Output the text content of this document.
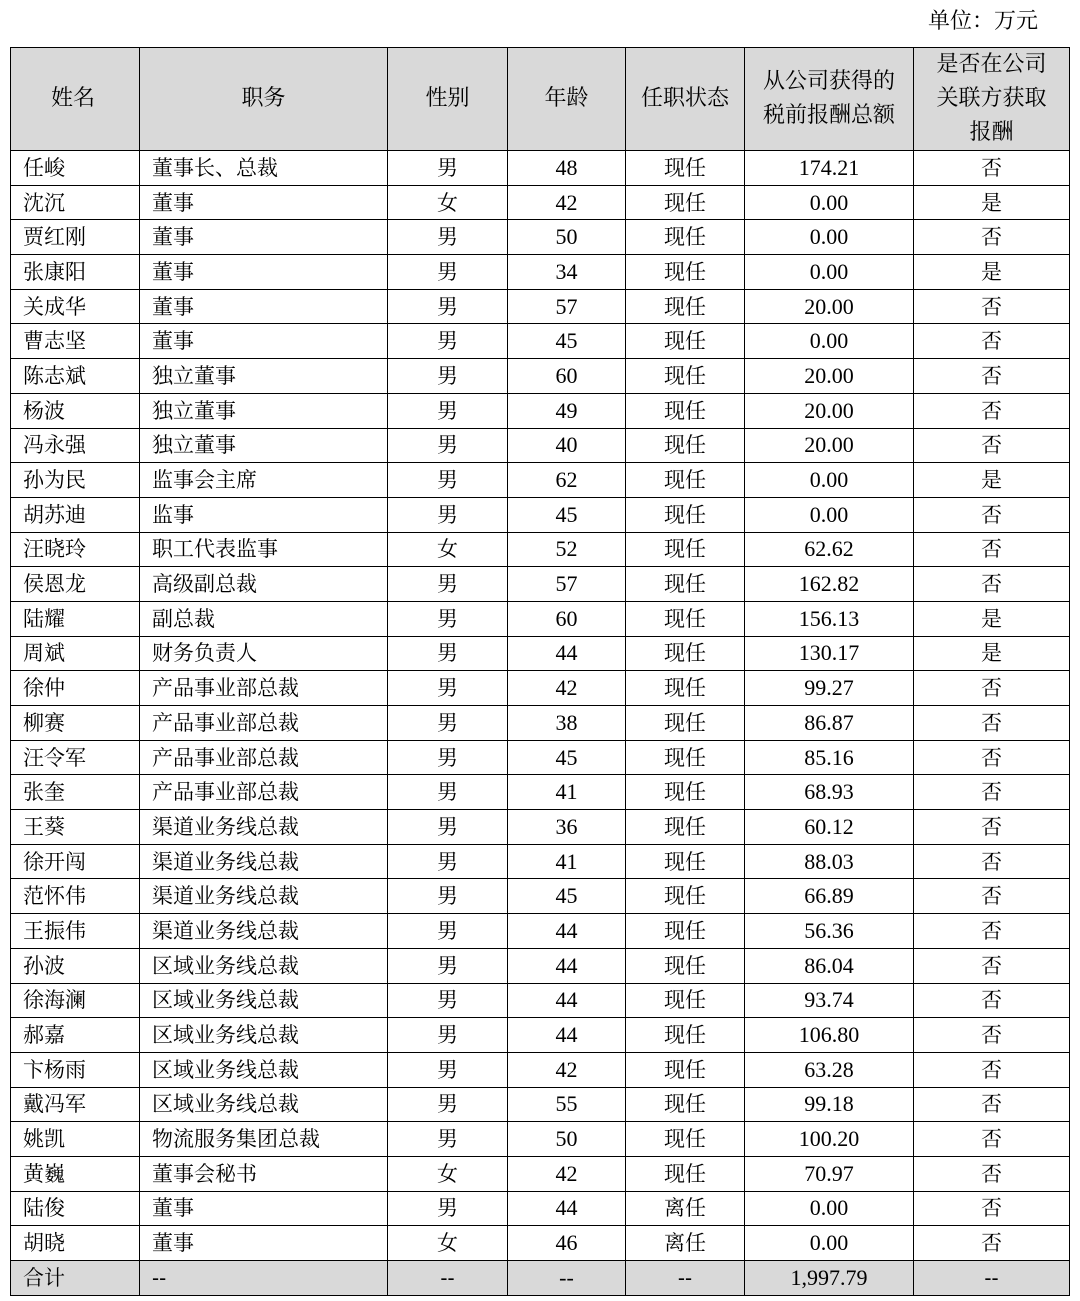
单位：万元
姓名	职务	性别	年龄	任职状态	从公司获得的税前报酬总额	是否在公司关联方获取报酬
任峻	董事长、总裁	男	48	现任	174.21	否
沈沉	董事	女	42	现任	0.00	是
贾红刚	董事	男	50	现任	0.00	否
张康阳	董事	男	34	现任	0.00	是
关成华	董事	男	57	现任	20.00	否
曹志坚	董事	男	45	现任	0.00	否
陈志斌	独立董事	男	60	现任	20.00	否
杨波	独立董事	男	49	现任	20.00	否
冯永强	独立董事	男	40	现任	20.00	否
孙为民	监事会主席	男	62	现任	0.00	是
胡苏迪	监事	男	45	现任	0.00	否
汪晓玲	职工代表监事	女	52	现任	62.62	否
侯恩龙	高级副总裁	男	57	现任	162.82	否
陆耀	副总裁	男	60	现任	156.13	是
周斌	财务负责人	男	44	现任	130.17	是
徐仲	产品事业部总裁	男	42	现任	99.27	否
柳赛	产品事业部总裁	男	38	现任	86.87	否
汪令军	产品事业部总裁	男	45	现任	85.16	否
张奎	产品事业部总裁	男	41	现任	68.93	否
王葵	渠道业务线总裁	男	36	现任	60.12	否
徐开闯	渠道业务线总裁	男	41	现任	88.03	否
范怀伟	渠道业务线总裁	男	45	现任	66.89	否
王振伟	渠道业务线总裁	男	44	现任	56.36	否
孙波	区域业务线总裁	男	44	现任	86.04	否
徐海澜	区域业务线总裁	男	44	现任	93.74	否
郝嘉	区域业务线总裁	男	44	现任	106.80	否
卞杨雨	区域业务线总裁	男	42	现任	63.28	否
戴冯军	区域业务线总裁	男	55	现任	99.18	否
姚凯	物流服务集团总裁	男	50	现任	100.20	否
黄巍	董事会秘书	女	42	现任	70.97	否
陆俊	董事	男	44	离任	0.00	否
胡晓	董事	女	46	离任	0.00	否
合计	--	--	--	--	1,997.79	--
